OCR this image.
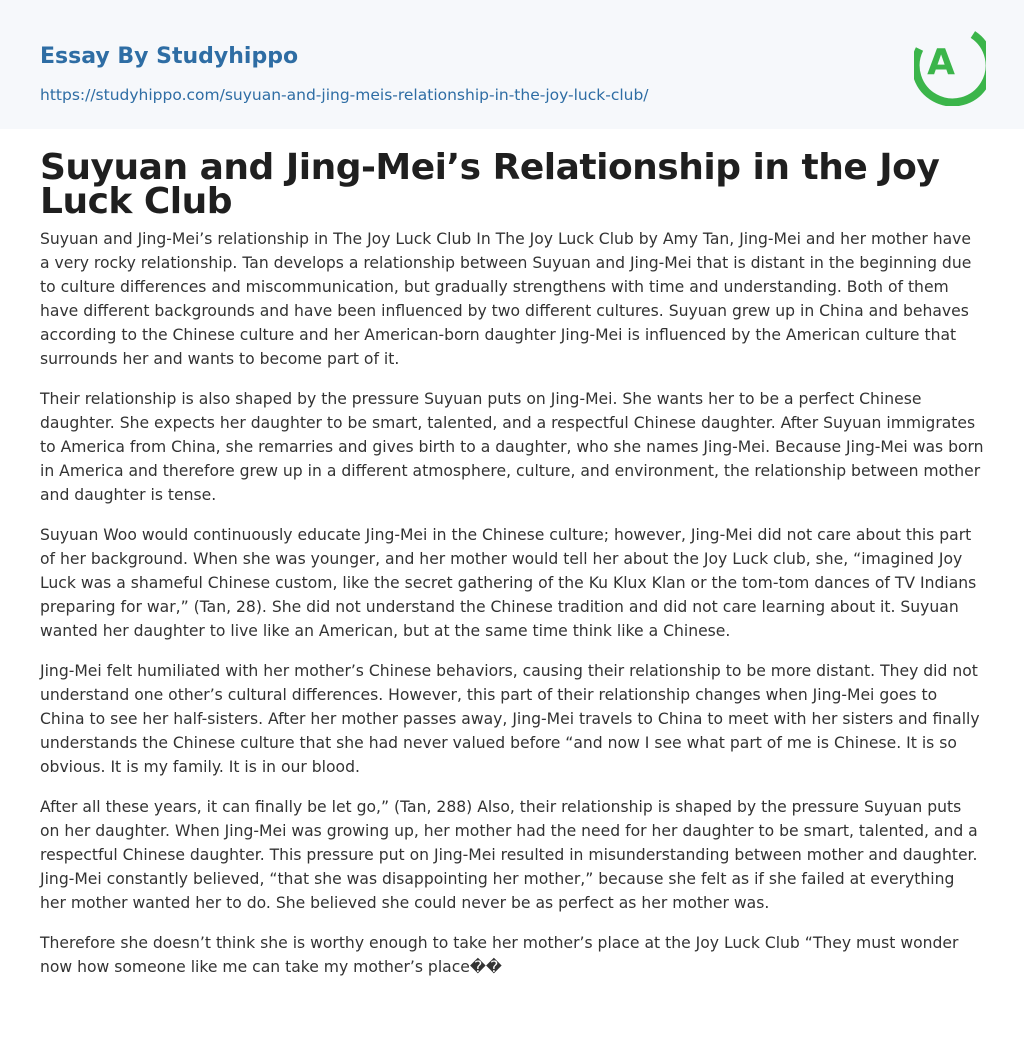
Essay By Studyhippo
https://studyhippo.com/suyuan-and-jing-meis-relationship-in-the-joy-luck-club/
A
Suyuan and Jing-Mei’s Relationship in the Joy Luck Club

Suyuan and Jing-Mei’s relationship in The Joy Luck Club In The Joy Luck Club by Amy Tan, Jing-Mei and her mother have a very rocky relationship. Tan develops a relationship between Suyuan and Jing-Mei that is distant in the beginning due to culture differences and miscommunication, but gradually strengthens with time and understanding. Both of them have different backgrounds and have been influenced by two different cultures. Suyuan grew up in China and behaves according to the Chinese culture and her American-born daughter Jing-Mei is influenced by the American culture that surrounds her and wants to become part of it.

Their relationship is also shaped by the pressure Suyuan puts on Jing-Mei. She wants her to be a perfect Chinese daughter. She expects her daughter to be smart, talented, and a respectful Chinese daughter. After Suyuan immigrates to America from China, she remarries and gives birth to a daughter, who she names Jing-Mei. Because Jing-Mei was born in America and therefore grew up in a different atmosphere, culture, and environment, the relationship between mother and daughter is tense.

Suyuan Woo would continuously educate Jing-Mei in the Chinese culture; however, Jing-Mei did not care about this part of her background. When she was younger, and her mother would tell her about the Joy Luck club, she, “imagined Joy Luck was a shameful Chinese custom, like the secret gathering of the Ku Klux Klan or the tom-tom dances of TV Indians preparing for war,” (Tan, 28). She did not understand the Chinese tradition and did not care learning about it. Suyuan wanted her daughter to live like an American, but at the same time think like a Chinese.

Jing-Mei felt humiliated with her mother’s Chinese behaviors, causing their relationship to be more distant. They did not understand one other’s cultural differences. However, this part of their relationship changes when Jing-Mei goes to China to see her half-sisters. After her mother passes away, Jing-Mei travels to China to meet with her sisters and finally understands the Chinese culture that she had never valued before “and now I see what part of me is Chinese. It is so obvious. It is my family. It is in our blood.

After all these years, it can finally be let go,” (Tan, 288) Also, their relationship is shaped by the pressure Suyuan puts on her daughter. When Jing-Mei was growing up, her mother had the need for her daughter to be smart, talented, and a respectful Chinese daughter. This pressure put on Jing-Mei resulted in misunderstanding between mother and daughter. Jing-Mei constantly believed, “that she was disappointing her mother,” because she felt as if she failed at everything her mother wanted her to do. She believed she could never be as perfect as her mother was.

Therefore she doesn’t think she is worthy enough to take her mother’s place at the Joy Luck Club “They must wonder now how someone like me can take my mother’s place��
